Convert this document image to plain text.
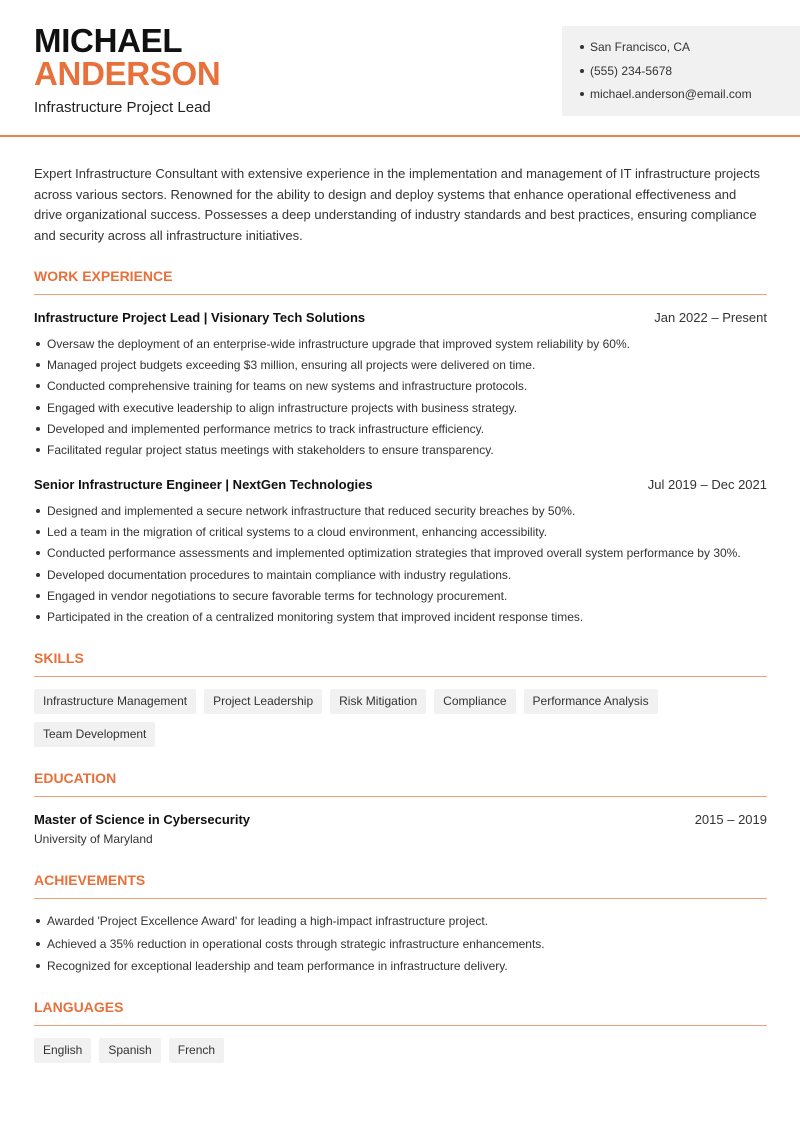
MICHAEL
ANDERSON
Infrastructure Project Lead
San Francisco, CA
(555) 234-5678
michael.anderson@email.com

Expert Infrastructure Consultant with extensive experience in the implementation and management of IT infrastructure projects across various sectors. Renowned for the ability to design and deploy systems that enhance operational effectiveness and drive organizational success. Possesses a deep understanding of industry standards and best practices, ensuring compliance and security across all infrastructure initiatives.

WORK EXPERIENCE
Infrastructure Project Lead | Visionary Tech Solutions	Jan 2022 – Present
Oversaw the deployment of an enterprise-wide infrastructure upgrade that improved system reliability by 60%.
Managed project budgets exceeding $3 million, ensuring all projects were delivered on time.
Conducted comprehensive training for teams on new systems and infrastructure protocols.
Engaged with executive leadership to align infrastructure projects with business strategy.
Developed and implemented performance metrics to track infrastructure efficiency.
Facilitated regular project status meetings with stakeholders to ensure transparency.
Senior Infrastructure Engineer | NextGen Technologies	Jul 2019 – Dec 2021
Designed and implemented a secure network infrastructure that reduced security breaches by 50%.
Led a team in the migration of critical systems to a cloud environment, enhancing accessibility.
Conducted performance assessments and implemented optimization strategies that improved overall system performance by 30%.
Developed documentation procedures to maintain compliance with industry regulations.
Engaged in vendor negotiations to secure favorable terms for technology procurement.
Participated in the creation of a centralized monitoring system that improved incident response times.
SKILLS
Infrastructure Management	Project Leadership	Risk Mitigation	Compliance	Performance Analysis
Team Development
EDUCATION
Master of Science in Cybersecurity	2015 – 2019
University of Maryland
ACHIEVEMENTS
Awarded 'Project Excellence Award' for leading a high-impact infrastructure project.
Achieved a 35% reduction in operational costs through strategic infrastructure enhancements.
Recognized for exceptional leadership and team performance in infrastructure delivery.
LANGUAGES
English	Spanish	French
